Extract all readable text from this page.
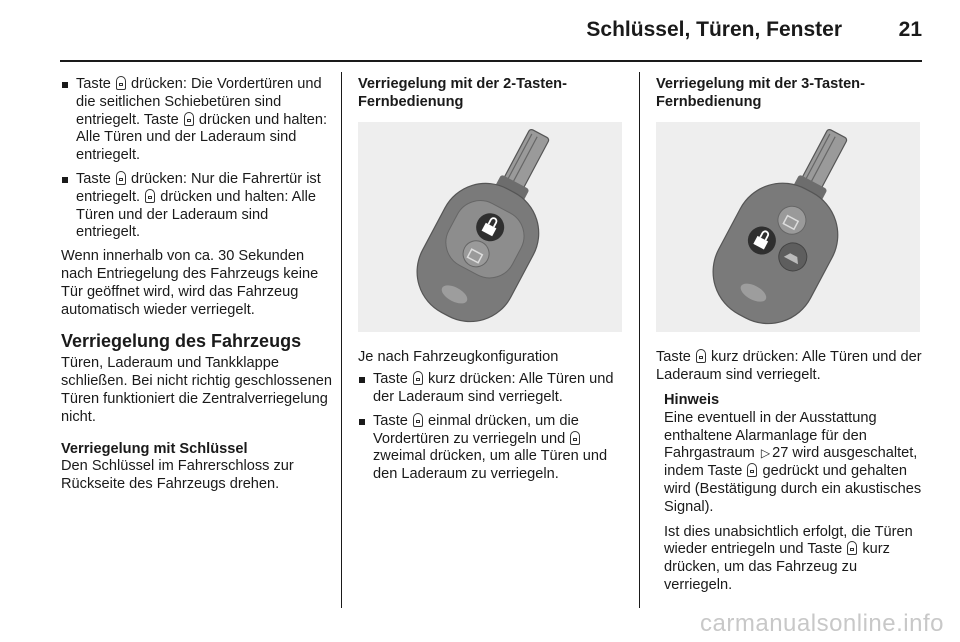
Schlüssel, Türen, Fenster	21
Taste  drücken: Die Vordertüren und die seitlichen Schiebetüren sind entriegelt. Taste  drücken und halten: Alle Türen und der Laderaum sind entriegelt.
Taste  drücken: Nur die Fahrertür ist entriegelt.  drücken und halten: Alle Türen und der Laderaum sind entriegelt.

Wenn innerhalb von ca. 30 Sekunden nach Entriegelung des Fahrzeugs keine Tür geöffnet wird, wird das Fahrzeug automatisch wieder verriegelt.

Verriegelung des Fahrzeugs

Türen, Laderaum und Tankklappe schließen. Bei nicht richtig geschlossenen Türen funktioniert die Zentralverriegelung nicht.

Verriegelung mit Schlüssel

Den Schlüssel im Fahrerschloss zur Rückseite des Fahrzeugs drehen.

Verriegelung mit der 2-Tasten-Fernbedienung

Je nach Fahrzeugkonfiguration

Taste  kurz drücken: Alle Türen und der Laderaum sind verriegelt.
Taste  einmal drücken, um die Vordertüren zu verriegeln und  zweimal drücken, um alle Türen und den Laderaum zu verriegeln.
Verriegelung mit der 3-Tasten-Fernbedienung

Taste  kurz drücken: Alle Türen und der Laderaum sind verriegelt.

Hinweis

Eine eventuell in der Ausstattung enthaltene Alarmanlage für den Fahrgastraum ▷ 27 wird ausgeschaltet, indem Taste  gedrückt und gehalten wird (Bestätigung durch ein akustisches Signal).

Ist dies unabsichtlich erfolgt, die Türen wieder entriegeln und Taste  kurz drücken, um das Fahrzeug zu verriegeln.

carmanualsonline.info
